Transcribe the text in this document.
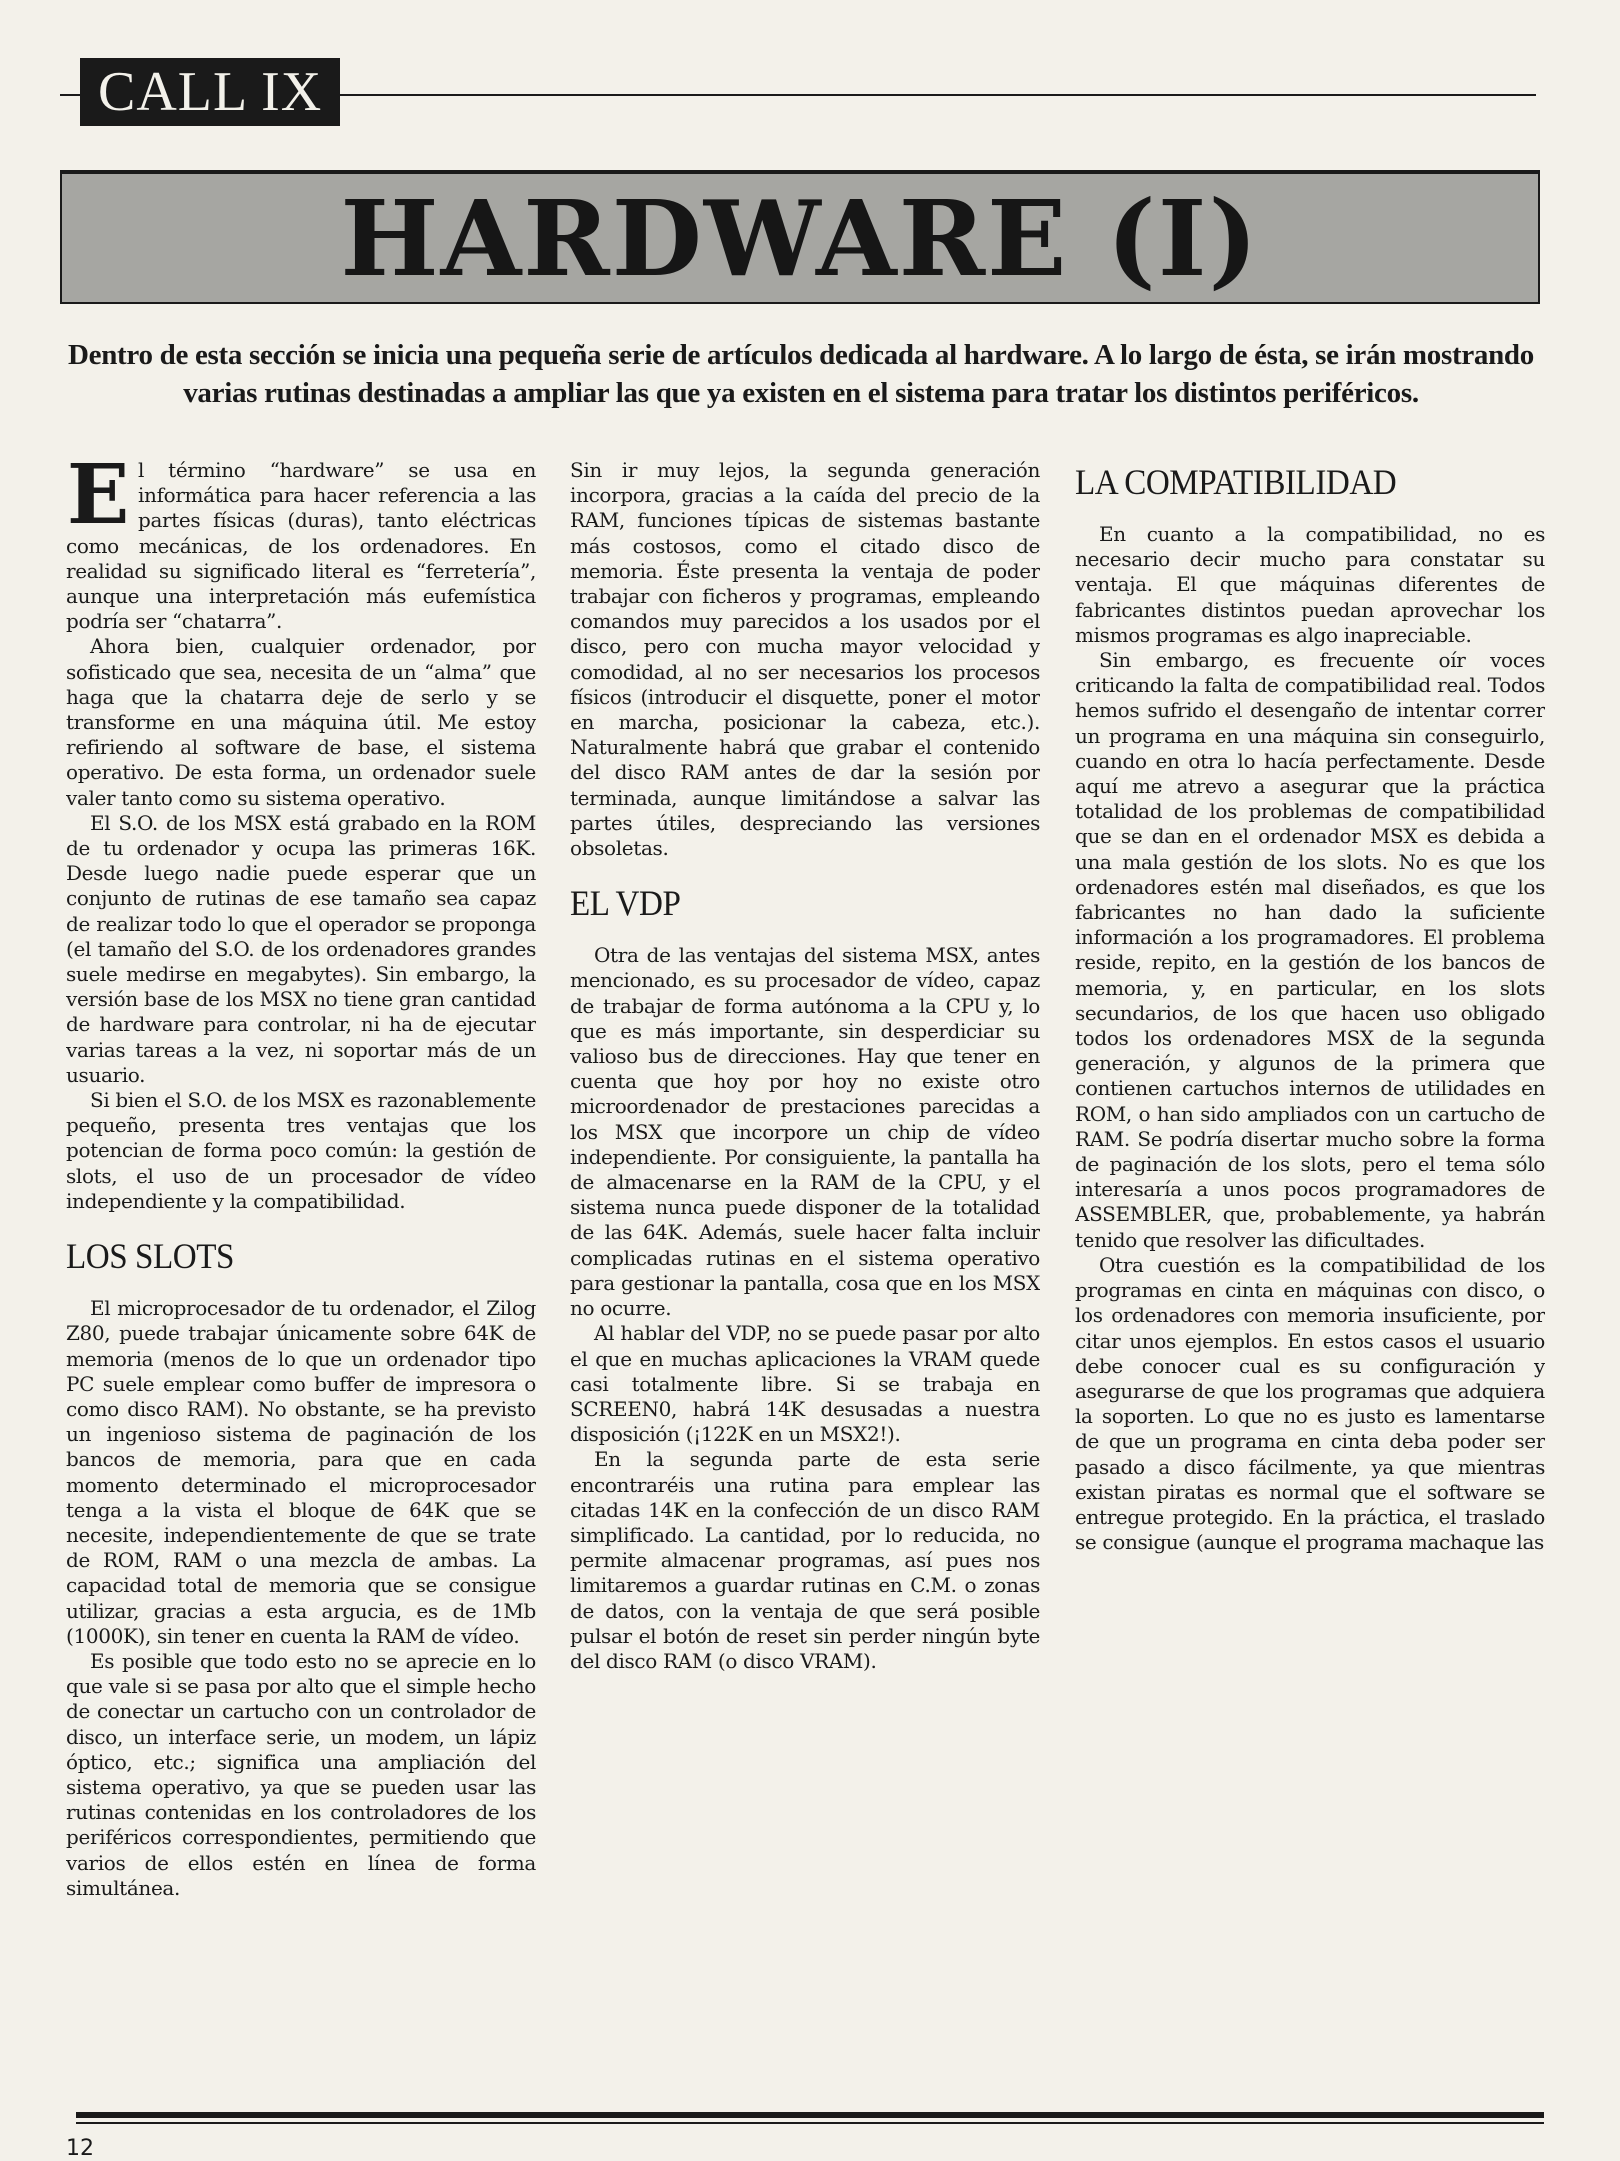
CALL IX
HARDWARE (I)
Dentro de esta sección se inicia una pequeña serie de artículos dedicada al hardware. A lo largo de ésta, se irán mostrando varias rutinas destinadas a ampliar las que ya existen en el sistema para tratar los distintos periféricos.
E l término “hardware” se usa en informática para hacer referencia a las partes físicas (duras), tanto eléctricas como mecánicas, de los ordenadores. En realidad su significado literal es “ferretería”, aunque una interpretación más eufemística podría ser “chatarra”.

Ahora bien, cualquier ordenador, por sofisticado que sea, necesita de un “alma” que haga que la chatarra deje de serlo y se transforme en una máquina útil. Me estoy refiriendo al software de base, el sistema operativo. De esta forma, un ordenador suele valer tanto como su sistema operativo.

El S.O. de los MSX está grabado en la ROM de tu ordenador y ocupa las primeras 16K. Desde luego nadie puede esperar que un conjunto de rutinas de ese tamaño sea capaz de realizar todo lo que el operador se proponga (el tamaño del S.O. de los ordenadores grandes suele medirse en megabytes). Sin embargo, la versión base de los MSX no tiene gran cantidad de hardware para controlar, ni ha de ejecutar varias tareas a la vez, ni soportar más de un usuario.

Si bien el S.O. de los MSX es razonablemente pequeño, presenta tres ventajas que los potencian de forma poco común: la gestión de slots, el uso de un procesador de vídeo independiente y la compatibilidad.

LOS SLOTS

El microprocesador de tu ordenador, el Zilog Z80, puede trabajar únicamente sobre 64K de memoria (menos de lo que un ordenador tipo PC suele emplear como buffer de impresora o como disco RAM). No obstante, se ha previsto un ingenioso sistema de paginación de los bancos de memoria, para que en cada momento determinado el microprocesador tenga a la vista el bloque de 64K que se necesite, independientemente de que se trate de ROM, RAM o una mezcla de ambas. La capacidad total de memoria que se consigue utilizar, gracias a esta argucia, es de 1Mb (1000K), sin tener en cuenta la RAM de vídeo.

Es posible que todo esto no se aprecie en lo que vale si se pasa por alto que el simple hecho de conectar un cartucho con un controlador de disco, un interface serie, un modem, un lápiz óptico, etc.; significa una ampliación del sistema operativo, ya que se pueden usar las rutinas contenidas en los controladores de los periféricos correspondientes, permitiendo que varios de ellos estén en línea de forma simultánea.

Sin ir muy lejos, la segunda generación incorpora, gracias a la caída del precio de la RAM, funciones típicas de sistemas bastante más costosos, como el citado disco de memoria. Éste presenta la ventaja de poder trabajar con ficheros y programas, empleando comandos muy parecidos a los usados por el disco, pero con mucha mayor velocidad y comodidad, al no ser necesarios los procesos físicos (introducir el disquette, poner el motor en marcha, posicionar la cabeza, etc.). Naturalmente habrá que grabar el contenido del disco RAM antes de dar la sesión por terminada, aunque limitándose a salvar las partes útiles, despreciando las versiones obsoletas.

EL VDP

Otra de las ventajas del sistema MSX, antes mencionado, es su procesador de vídeo, capaz de trabajar de forma autónoma a la CPU y, lo que es más importante, sin desperdiciar su valioso bus de direcciones. Hay que tener en cuenta que hoy por hoy no existe otro microordenador de prestaciones parecidas a los MSX que incorpore un chip de vídeo independiente. Por consiguiente, la pantalla ha de almacenarse en la RAM de la CPU, y el sistema nunca puede disponer de la totalidad de las 64K. Además, suele hacer falta incluir complicadas rutinas en el sistema operativo para gestionar la pantalla, cosa que en los MSX no ocurre.

Al hablar del VDP, no se puede pasar por alto el que en muchas aplicaciones la VRAM quede casi totalmente libre. Si se trabaja en SCREEN0, habrá 14K desusadas a nuestra disposición (¡122K en un MSX2!).

En la segunda parte de esta serie encontraréis una rutina para emplear las citadas 14K en la confección de un disco RAM simplificado. La cantidad, por lo reducida, no permite almacenar programas, así pues nos limitaremos a guardar rutinas en C.M. o zonas de datos, con la ventaja de que será posible pulsar el botón de reset sin perder ningún byte del disco RAM (o disco VRAM).

LA COMPATIBILIDAD

En cuanto a la compatibilidad, no es necesario decir mucho para constatar su ventaja. El que máquinas diferentes de fabricantes distintos puedan aprovechar los mismos programas es algo inapreciable.

Sin embargo, es frecuente oír voces criticando la falta de compatibilidad real. Todos hemos sufrido el desengaño de intentar correr un programa en una máquina sin conseguirlo, cuando en otra lo hacía perfectamente. Desde aquí me atrevo a asegurar que la práctica totalidad de los problemas de compatibilidad que se dan en el ordenador MSX es debida a una mala gestión de los slots. No es que los ordenadores estén mal diseñados, es que los fabricantes no han dado la suficiente información a los programadores. El problema reside, repito, en la gestión de los bancos de memoria, y, en particular, en los slots secundarios, de los que hacen uso obligado todos los ordenadores MSX de la segunda generación, y algunos de la primera que contienen cartuchos internos de utilidades en ROM, o han sido ampliados con un cartucho de RAM. Se podría disertar mucho sobre la forma de paginación de los slots, pero el tema sólo interesaría a unos pocos programadores de ASSEMBLER, que, probablemente, ya habrán tenido que resolver las dificultades.

Otra cuestión es la compatibilidad de los programas en cinta en máquinas con disco, o los ordenadores con memoria insuficiente, por citar unos ejemplos. En estos casos el usuario debe conocer cual es su configuración y asegurarse de que los programas que adquiera la soporten. Lo que no es justo es lamentarse de que un programa en cinta deba poder ser pasado a disco fácilmente, ya que mientras existan piratas es normal que el software se entregue protegido. En la práctica, el traslado se consigue (aunque el programa machaque las

12
